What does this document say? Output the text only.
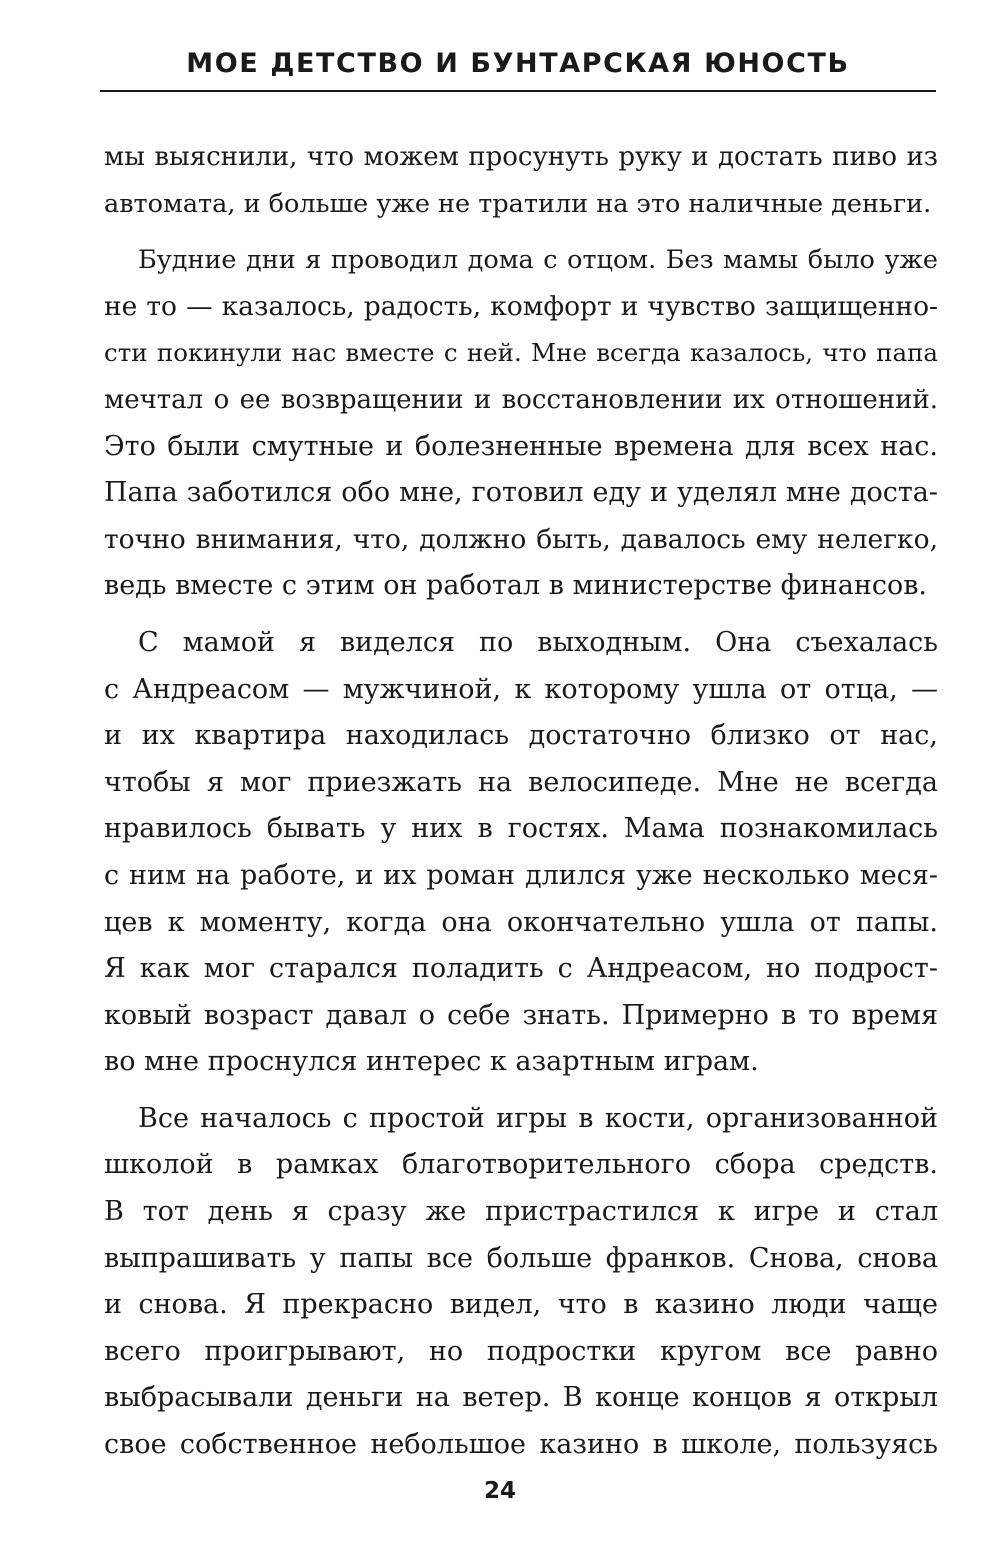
МОЕ ДЕТСТВО И БУНТАРСКАЯ ЮНОСТЬ
мы выяснили, что можем просунуть руку и достать пиво из
автомата, и больше уже не тратили на это наличные деньги.
Будние дни я проводил дома с отцом. Без мамы было уже
не то — казалось, радость, комфорт и чувство защищенно-
сти покинули нас вместе с ней. Мне всегда казалось, что папа
мечтал о ее возвращении и восстановлении их отношений.
Это были смутные и болезненные времена для всех нас.
Папа заботился обо мне, готовил еду и уделял мне доста-
точно внимания, что, должно быть, давалось ему нелегко,
ведь вместе с этим он работал в министерстве финансов.
С мамой я виделся по выходным. Она съехалась
с Андреасом — мужчиной, к которому ушла от отца, —
и их квартира находилась достаточно близко от нас,
чтобы я мог приезжать на велосипеде. Мне не всегда
нравилось бывать у них в гостях. Мама познакомилась
с ним на работе, и их роман длился уже несколько меся-
цев к моменту, когда она окончательно ушла от папы.
Я как мог старался поладить с Андреасом, но подрост-
ковый возраст давал о себе знать. Примерно в то время
во мне проснулся интерес к азартным играм.
Все началось с простой игры в кости, организованной
школой в рамках благотворительного сбора средств.
В тот день я сразу же пристрастился к игре и стал
выпрашивать у папы все больше франков. Снова, снова
и снова. Я прекрасно видел, что в казино люди чаще
всего проигрывают, но подростки кругом все равно
выбрасывали деньги на ветер. В конце концов я открыл
свое собственное небольшое казино в школе, пользуясь
24
